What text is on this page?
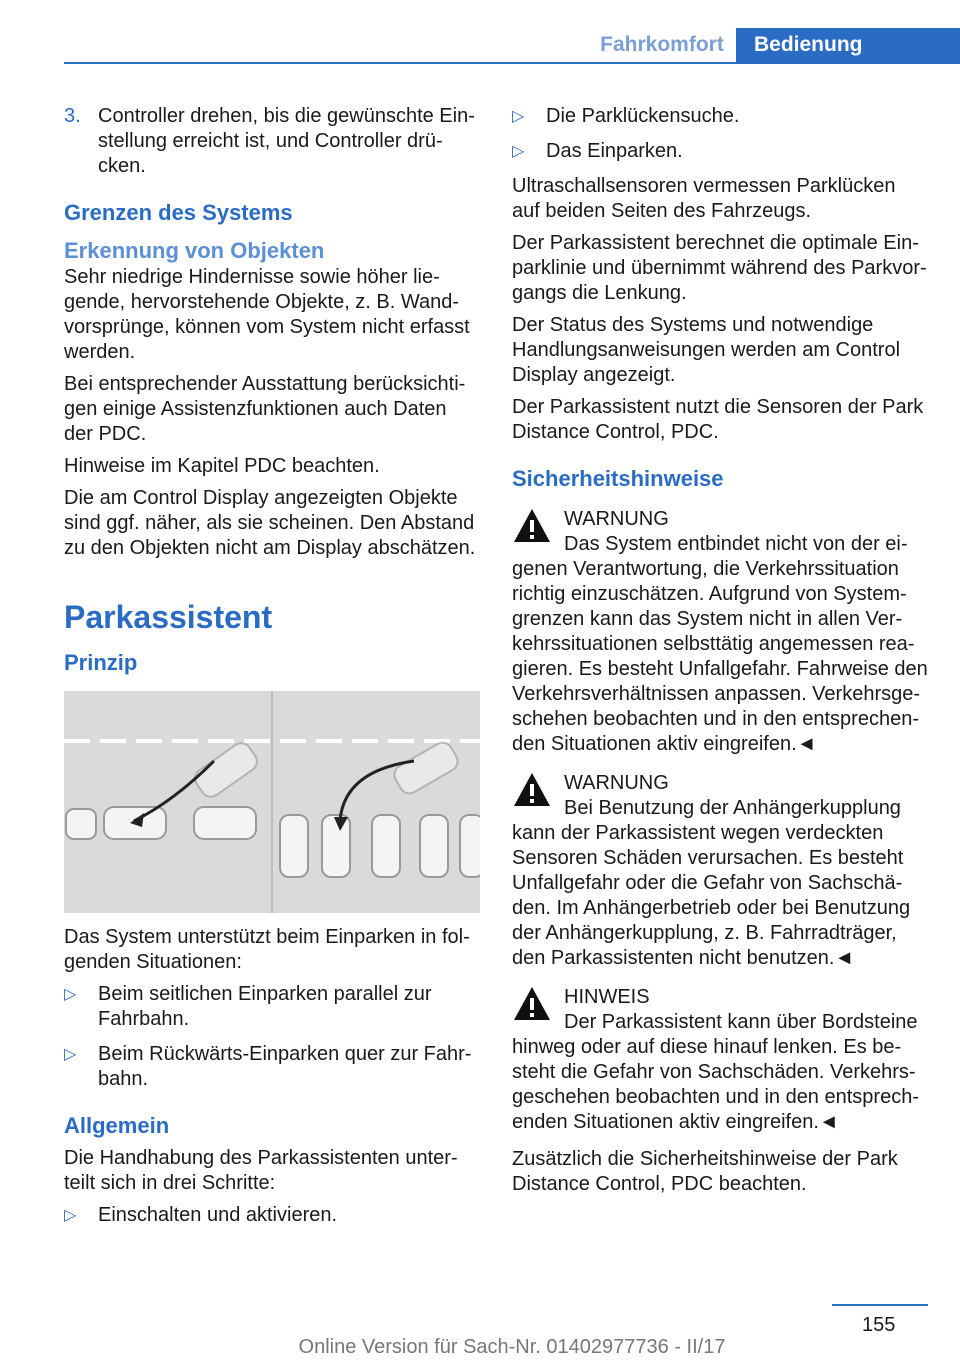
Fahrkomfort	Bedienung
3. Controller drehen, bis die gewünschte Ein-stellung erreicht ist, und Controller drü-cken.
Grenzen des Systems
Erkennung von Objekten

Sehr niedrige Hindernisse sowie höher lie-gende, hervorstehende Objekte, z. B. Wand-vorsprünge, können vom System nicht erfasst werden.

Bei entsprechender Ausstattung berücksichti-gen einige Assistenzfunktionen auch Daten der PDC.

Hinweise im Kapitel PDC beachten.

Die am Control Display angezeigten Objekte sind ggf. näher, als sie scheinen. Den Abstand zu den Objekten nicht am Display abschätzen.

Parkassistent
Prinzip

Das System unterstützt beim Einparken in fol-genden Situationen:

▷ Beim seitlichen Einparken parallel zur Fahrbahn.
▷ Beim Rückwärts-Einparken quer zur Fahr-bahn.
Allgemein

Die Handhabung des Parkassistenten unter-teilt sich in drei Schritte:

▷ Einschalten und aktivieren.
▷ Die Parklückensuche.
▷ Das Einparken.

Ultraschallsensoren vermessen Parklücken auf beiden Seiten des Fahrzeugs.

Der Parkassistent berechnet die optimale Ein-parklinie und übernimmt während des Parkvor-gangs die Lenkung.

Der Status des Systems und notwendige Handlungsanweisungen werden am Control Display angezeigt.

Der Parkassistent nutzt die Sensoren der Park Distance Control, PDC.

Sicherheitshinweise
WARNUNG
Das System entbindet nicht von der ei-
genen Verantwortung, die Verkehrssituation richtig einzuschätzen. Aufgrund von System-grenzen kann das System nicht in allen Ver-kehrssituationen selbsttätig angemessen rea-gieren. Es besteht Unfallgefahr. Fahrweise den Verkehrsverhältnissen anpassen. Verkehrsge-schehen beobachten und in den entsprechen-den Situationen aktiv eingreifen.◄
WARNUNG
Bei Benutzung der Anhängerkupplung
kann der Parkassistent wegen verdeckten Sensoren Schäden verursachen. Es besteht Unfallgefahr oder die Gefahr von Sachschä-den. Im Anhängerbetrieb oder bei Benutzung der Anhängerkupplung, z. B. Fahrradträger, den Parkassistenten nicht benutzen.◄
HINWEIS
Der Parkassistent kann über Bordsteine
hinweg oder auf diese hinauf lenken. Es be-steht die Gefahr von Sachschäden. Verkehrs-geschehen beobachten und in den entsprech-enden Situationen aktiv eingreifen.◄

Zusätzlich die Sicherheitshinweise der Park Distance Control, PDC beachten.

155
Online Version für Sach-Nr. 01402977736 - II/17
